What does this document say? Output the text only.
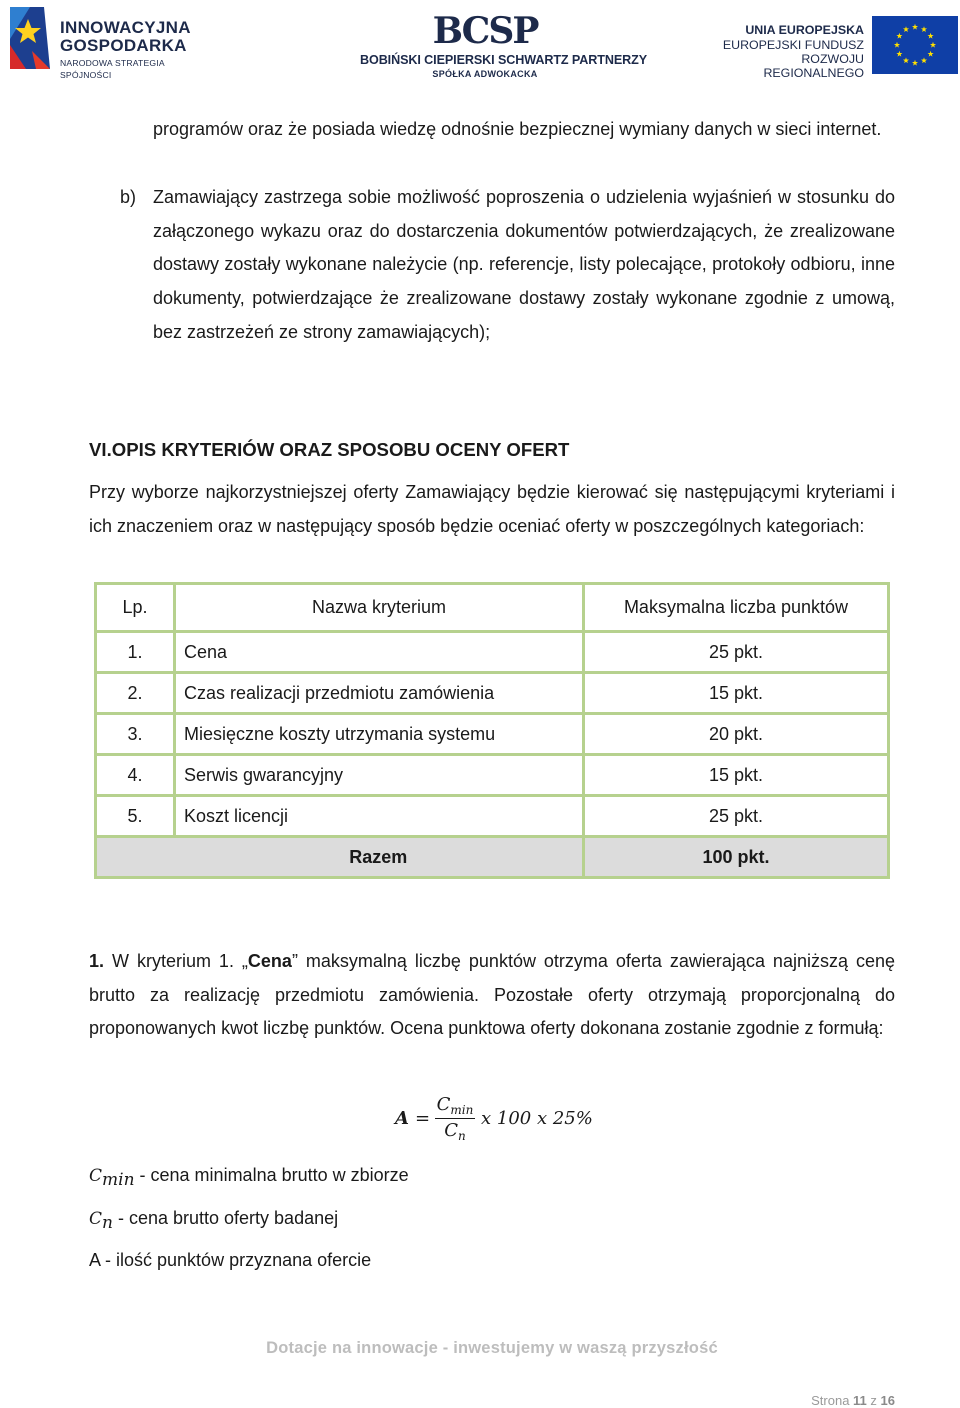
INNOWACYJNA
GOSPODARKA
NARODOWA STRATEGIA SPÓJNOŚCI
BCSP
BOBIŃSKI CIEPIERSKI SCHWARTZ PARTNERZY
SPÓŁKA ADWOKACKA
UNIA EUROPEJSKA
EUROPEJSKI FUNDUSZ
ROZWOJU REGIONALNEGO
programów oraz że posiada wiedzę odnośnie bezpiecznej wymiany danych w sieci internet.
b) Zamawiający zastrzega sobie możliwość poproszenia o udzielenia wyjaśnień w stosunku do załączonego wykazu oraz do dostarczenia dokumentów potwierdzających, że zrealizowane dostawy zostały wykonane należycie (np. referencje, listy polecające, protokoły odbioru, inne dokumenty, potwierdzające że zrealizowane dostawy zostały wykonane zgodnie z umową, bez zastrzeżeń ze strony zamawiających);
VI.OPIS KRYTERIÓW ORAZ SPOSOBU OCENY OFERT
Przy wyborze najkorzystniejszej oferty Zamawiający będzie kierować się następującymi kryteriami i ich znaczeniem oraz w następujący sposób będzie oceniać oferty w poszczególnych kategoriach:
Lp.	Nazwa kryterium	Maksymalna liczba punktów
1.	Cena	25 pkt.
2.	Czas realizacji przedmiotu zamówienia	15 pkt.
3.	Miesięczne koszty utrzymania systemu	20 pkt.
4.	Serwis gwarancyjny	15 pkt.
5.	Koszt licencji	25 pkt.
	Razem	100 pkt.
1. W kryterium 1. „Cena” maksymalną liczbę punktów otrzyma oferta zawierająca najniższą cenę brutto za realizację przedmiotu zamówienia. Pozostałe oferty otrzymają proporcjonalną do proponowanych kwot liczbę punktów. Ocena punktowa oferty dokonana zostanie zgodnie z formułą:
A =
$C_{min}$
$C_n$
x 100 x 25%
Cmin - cena minimalna brutto w zbiorze
Cn - cena brutto oferty badanej
A - ilość punktów przyznana ofercie
Dotacje na innowacje - inwestujemy w waszą przyszłość
Strona 11 z 16
